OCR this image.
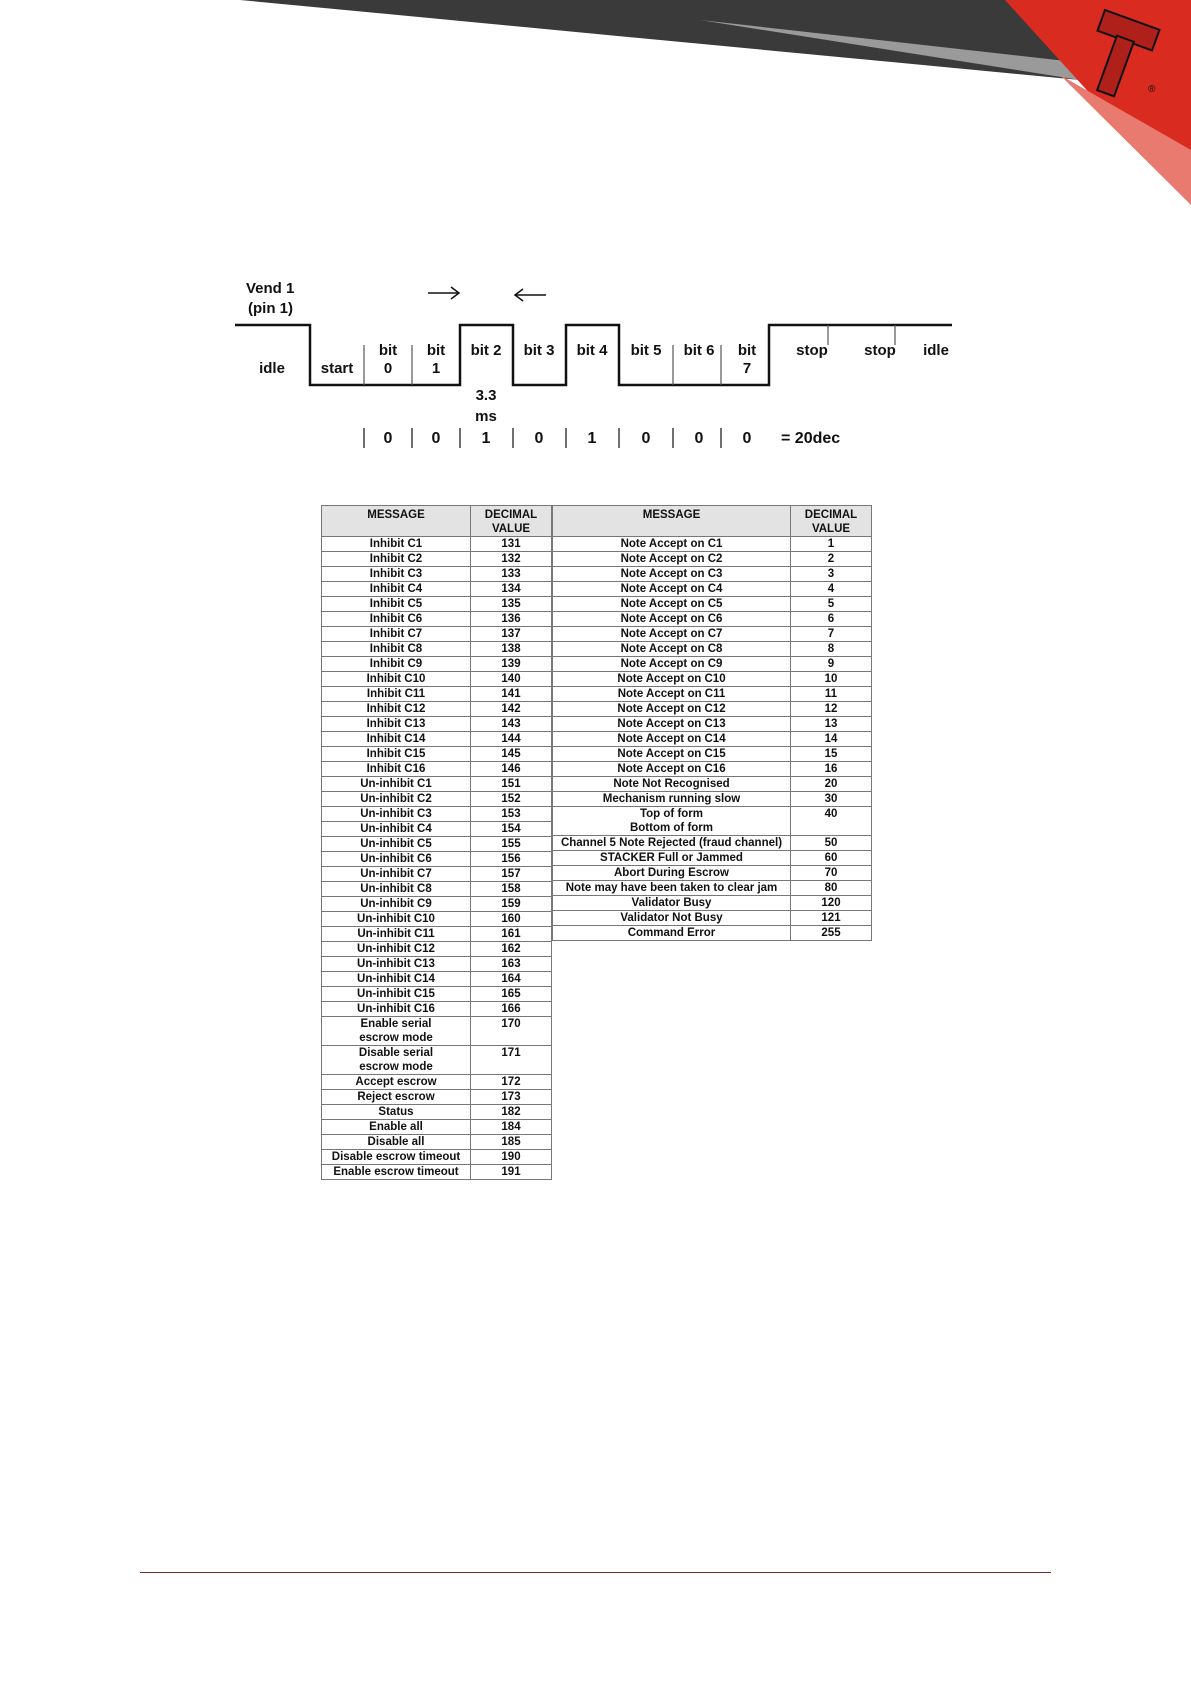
®
Vend 1
(pin 1)
idle start
bit
0
bit
1
bit 2 bit 3 bit 4 bit 5 bit 6 bit
7
stop stop idle
3.3
ms
0 0	1	0	1	0	0 0 = 20dec
MESSAGE	DECIMAL
VALUE
Inhibit C1	131
Inhibit C2	132
Inhibit C3	133
Inhibit C4	134
Inhibit C5	135
Inhibit C6	136
Inhibit C7	137
Inhibit C8	138
Inhibit C9	139
Inhibit C10	140
Inhibit C11	141
Inhibit C12	142
Inhibit C13	143
Inhibit C14	144
Inhibit C15	145
Inhibit C16	146
Un-inhibit C1	151
Un-inhibit C2	152
Un-inhibit C3	153
Un-inhibit C4	154
Un-inhibit C5	155
Un-inhibit C6	156
Un-inhibit C7	157
Un-inhibit C8	158
Un-inhibit C9	159
Un-inhibit C10	160
Un-inhibit C11	161
Un-inhibit C12	162
Un-inhibit C13	163
Un-inhibit C14	164
Un-inhibit C15	165
Un-inhibit C16	166
Enable serial
escrow mode	170
Disable serial
escrow mode	171
Accept escrow	172
Reject escrow	173
Status	182
Enable all	184
Disable all	185
Disable escrow timeout	190
Enable escrow timeout	191
MESSAGE	DECIMAL
VALUE
Note Accept on C1	1
Note Accept on C2	2
Note Accept on C3	3
Note Accept on C4	4
Note Accept on C5	5
Note Accept on C6	6
Note Accept on C7	7
Note Accept on C8	8
Note Accept on C9	9
Note Accept on C10	10
Note Accept on C11	11
Note Accept on C12	12
Note Accept on C13	13
Note Accept on C14	14
Note Accept on C15	15
Note Accept on C16	16
Note Not Recognised	20
Mechanism running slow	30
Top of form
Bottom of form	40
Channel 5 Note Rejected (fraud channel)	50
STACKER Full or Jammed	60
Abort During Escrow	70
Note may have been taken to clear jam	80
Validator Busy	120
Validator Not Busy	121
Command Error	255
